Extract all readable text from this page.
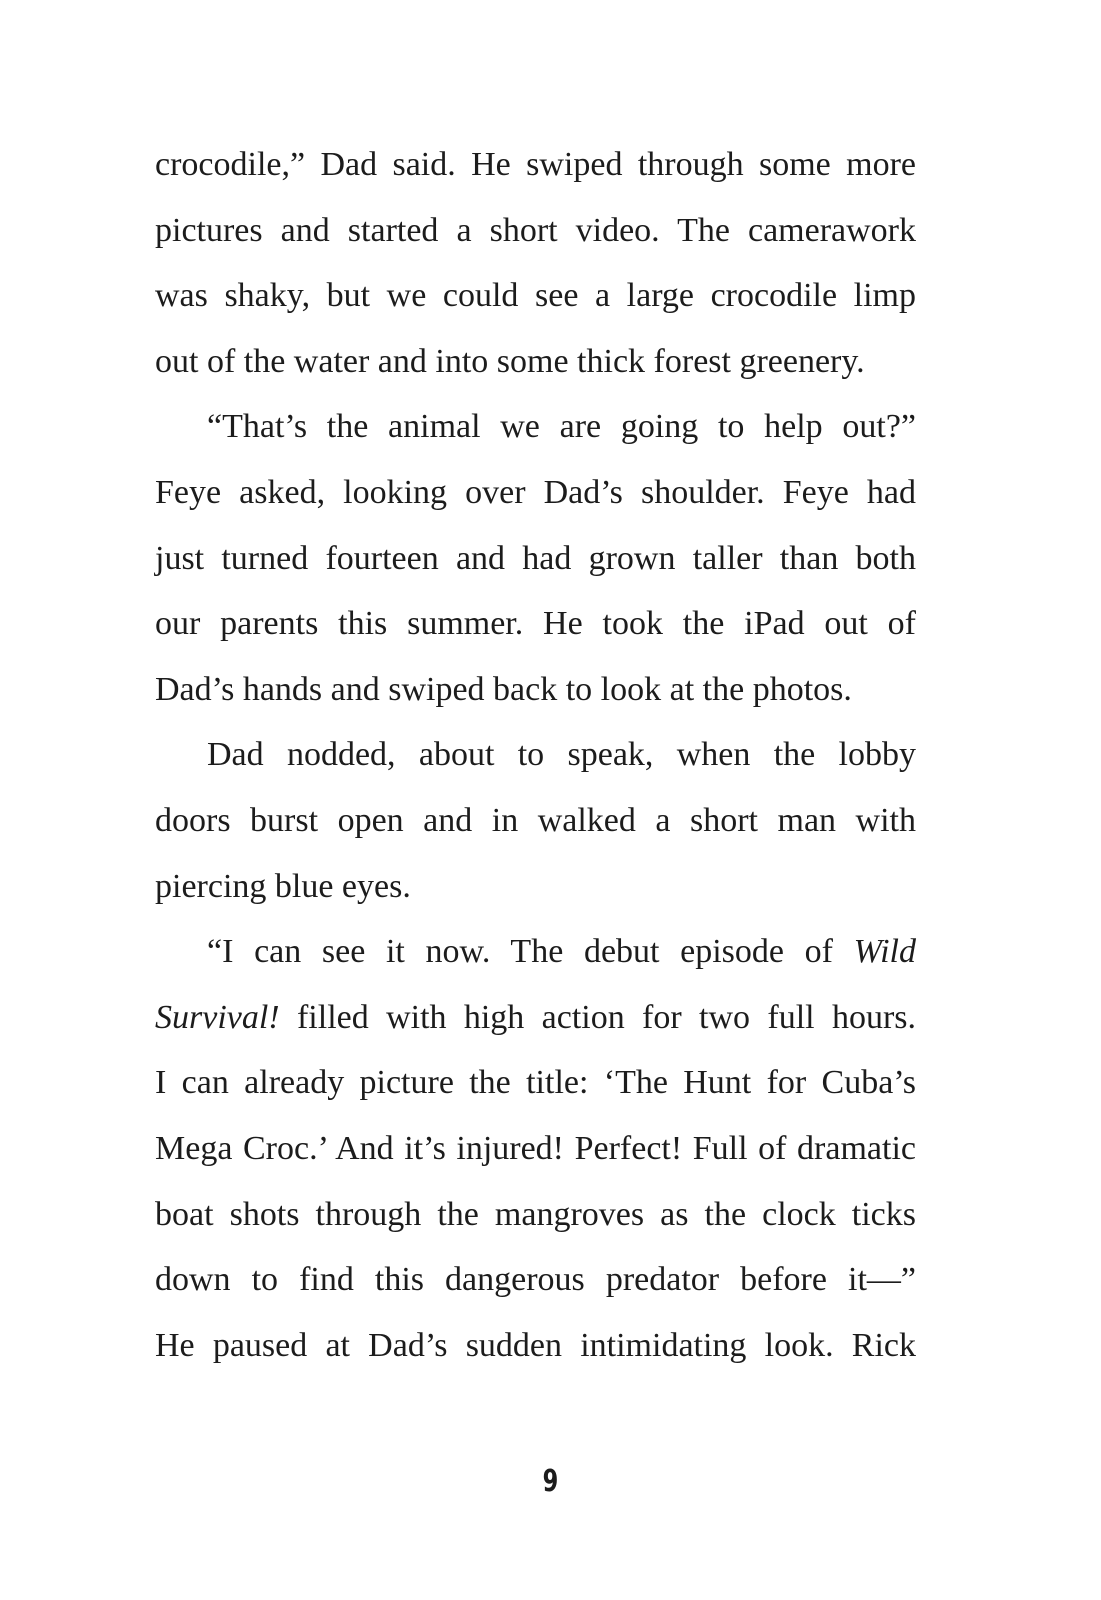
crocodile,” Dad said. He swiped through some more
pictures and started a short video. The camerawork
was shaky, but we could see a large crocodile limp
out of the water and into some thick forest greenery.
“That’s the animal we are going to help out?”
Feye asked, looking over Dad’s shoulder. Feye had
just turned fourteen and had grown taller than both
our parents this summer. He took the iPad out of
Dad’s hands and swiped back to look at the photos.
Dad nodded, about to speak, when the lobby
doors burst open and in walked a short man with
piercing blue eyes.
“I can see it now. The debut episode of Wild
Survival! filled with high action for two full hours.
I can already picture the title: ‘The Hunt for Cuba’s
Mega Croc.’ And it’s injured! Perfect! Full of dramatic
boat shots through the mangroves as the clock ticks
down to find this dangerous predator before it—”
He paused at Dad’s sudden intimidating look. Rick
9
